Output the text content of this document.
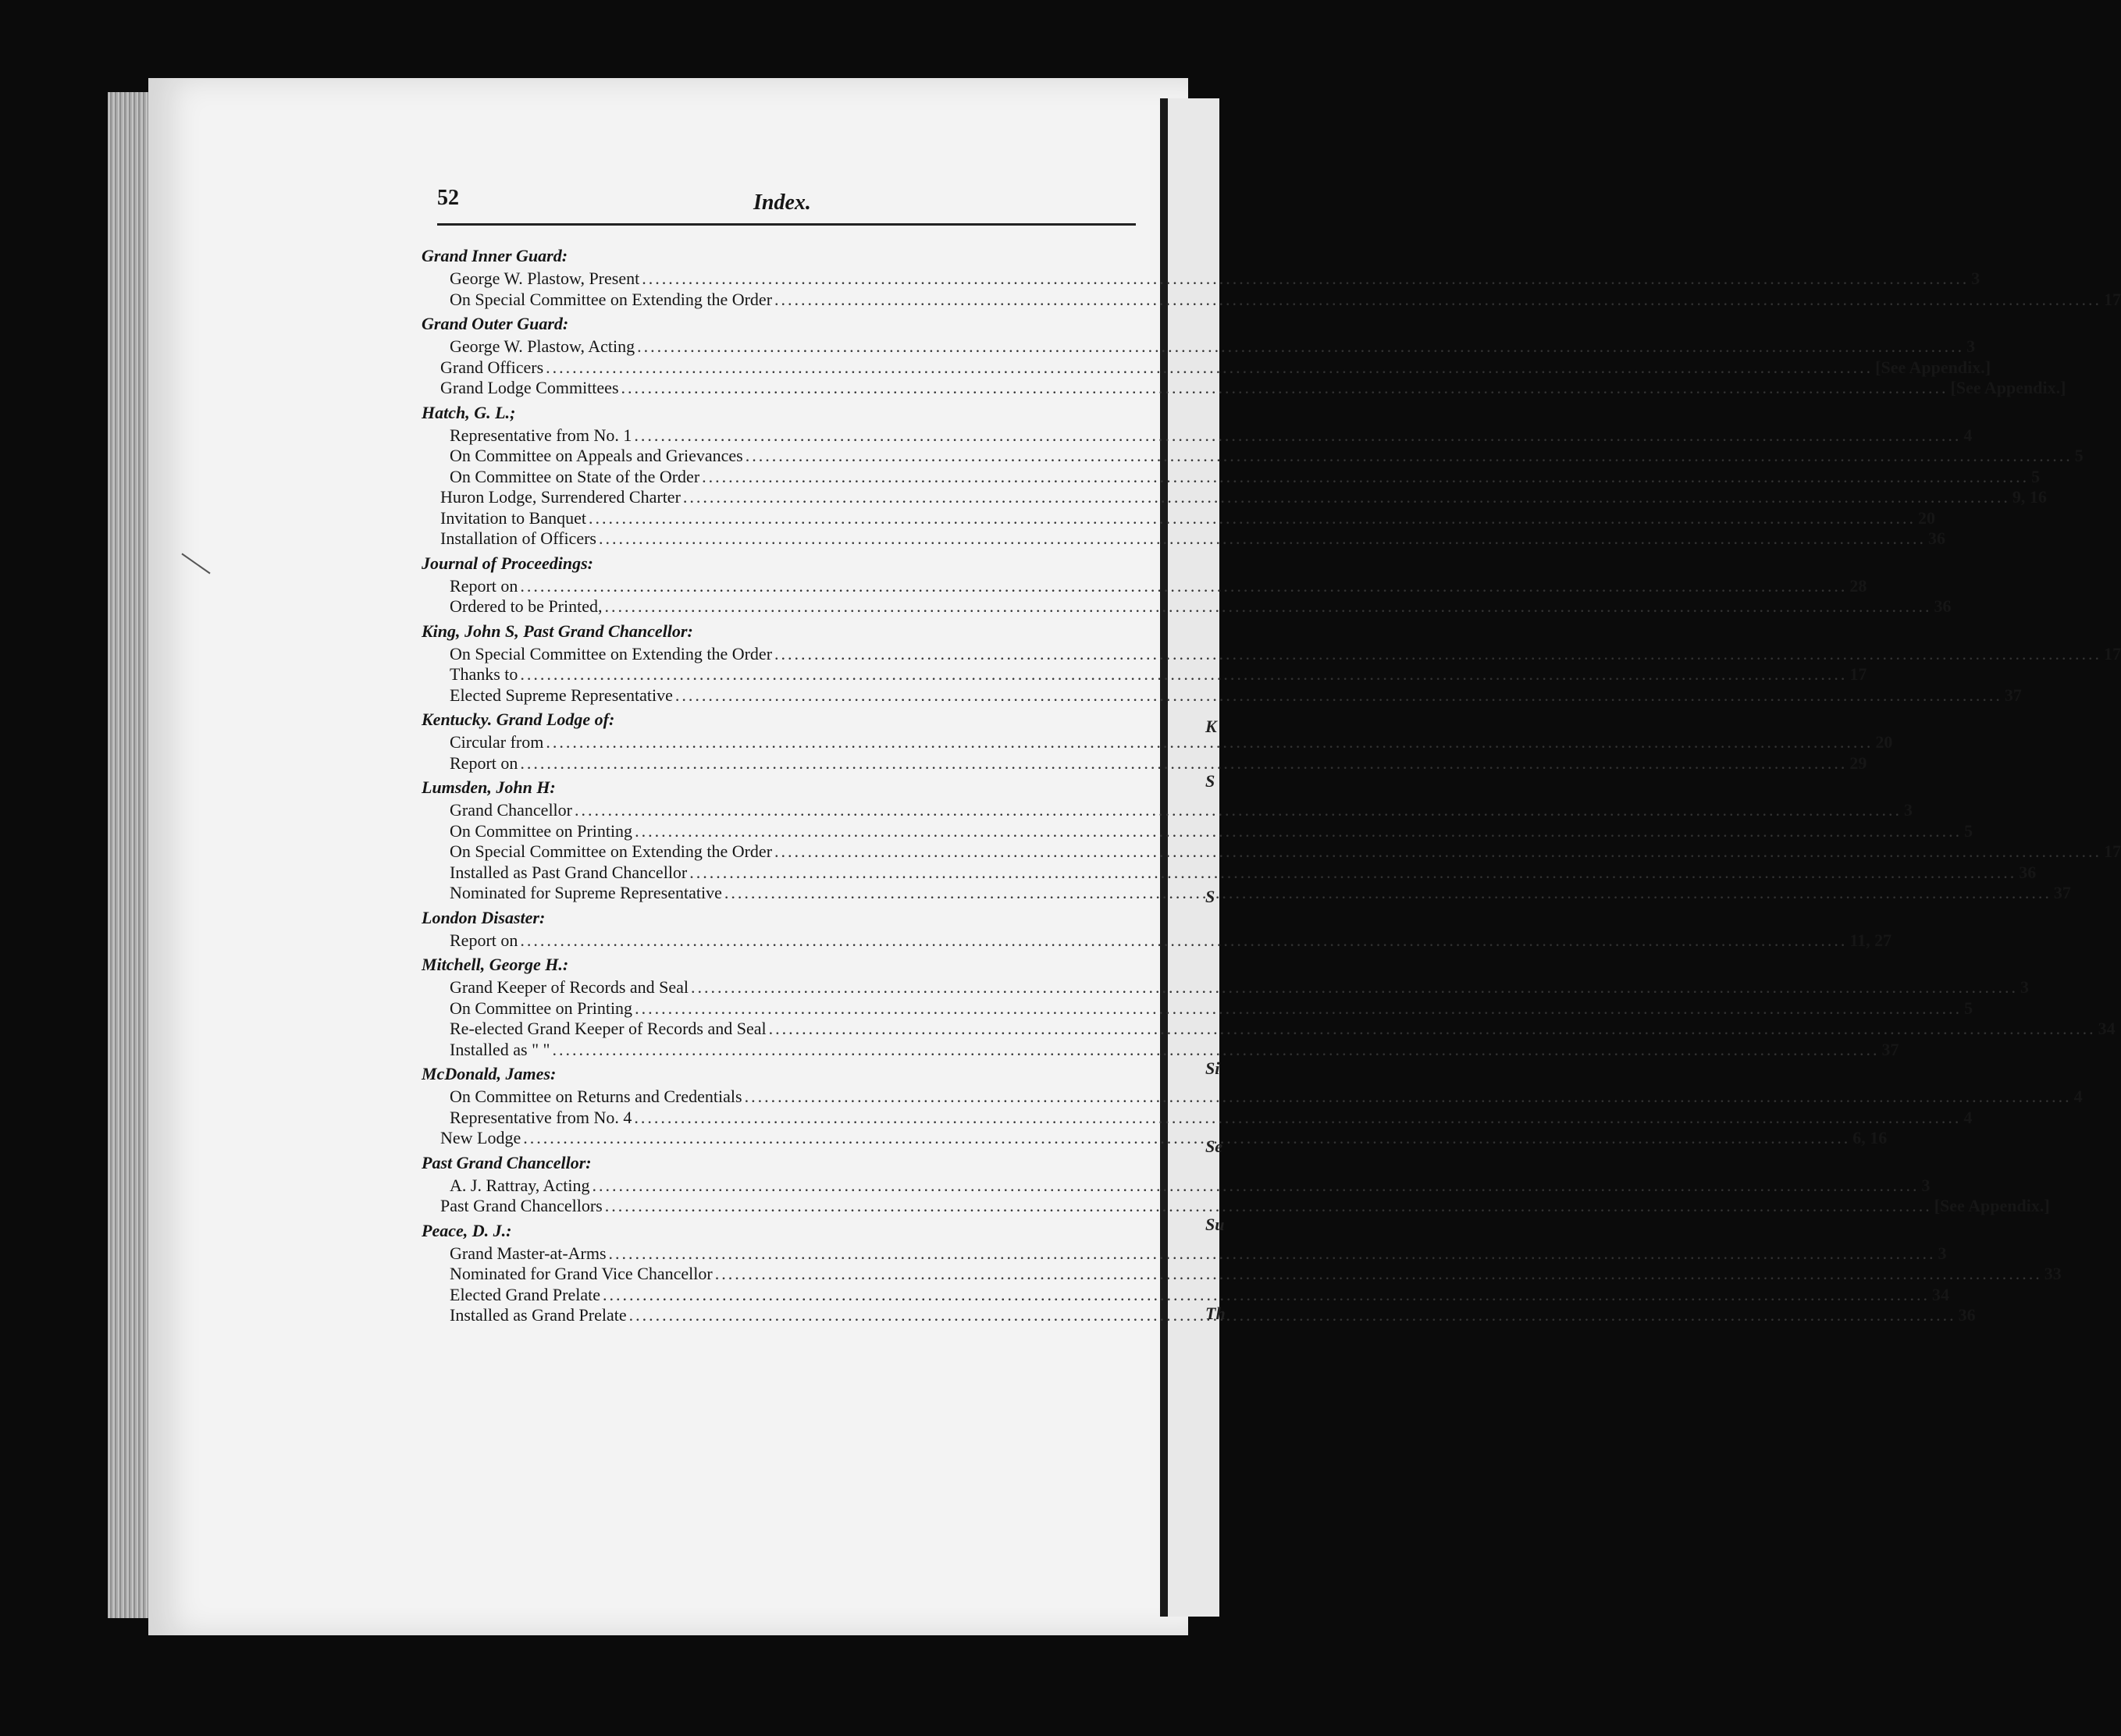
K
S
S
Si
Se
Su
Th
52	Index.
Grand Inner Guard:
George W. Plastow, Present .....	3
On Special Committee on Extending the Order .....	17
Grand Outer Guard:
George W. Plastow, Acting .....	3
Grand Officers .....	[See Appendix.]
Grand Lodge Committees .....	[See Appendix.]
Hatch, G. L.;
Representative from No. 1 .....	4
On Committee on Appeals and Grievances .....	5
On Committee on State of the Order .....	5
Huron Lodge, Surrendered Charter .....	9, 16
Invitation to Banquet .....	20
Installation of Officers .....	36
Journal of Proceedings:
Report on .....	28
Ordered to be Printed, .....	36
King, John S, Past Grand Chancellor:
On Special Committee on Extending the Order .....	17
Thanks to .....	17
Elected Supreme Representative .....	37
Kentucky. Grand Lodge of:
Circular from .....	20
Report on .....	29
Lumsden, John H:
Grand Chancellor .....	3
On Committee on Printing .....	5
On Special Committee on Extending the Order .....	17
Installed as Past Grand Chancellor .....	36
Nominated for Supreme Representative .....	37
London Disaster:
Report on .....	11, 27
Mitchell, George H.:
Grand Keeper of Records and Seal .....	3
On Committee on Printing .....	5
Re-elected Grand Keeper of Records and Seal .....	34
Installed as " " .....	37
McDonald, James:
On Committee on Returns and Credentials .....	4
Representative from No. 4 .....	4
New Lodge .....	6, 16
Past Grand Chancellor:
A. J. Rattray, Acting .....	3
Past Grand Chancellors .....	[See Appendix.]
Peace, D. J.:
Grand Master-at-Arms .....	3
Nominated for Grand Vice Chancellor .....	33
Elected Grand Prelate .....	34
Installed as Grand Prelate .....	36
